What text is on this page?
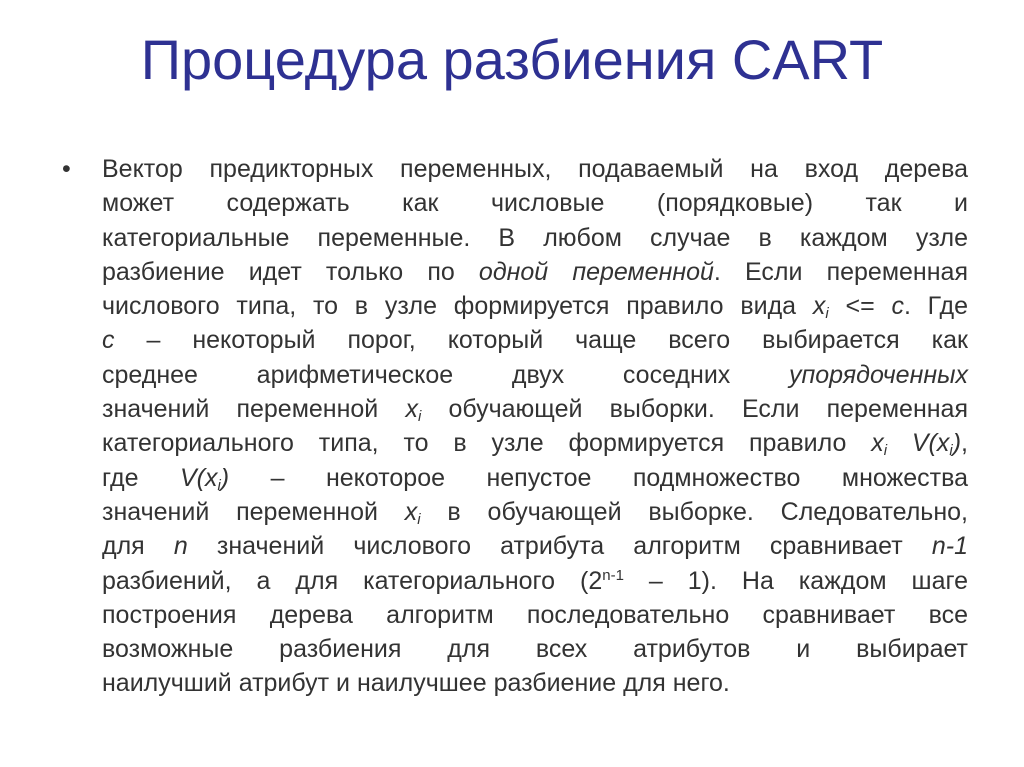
Процедура разбиения CART
• Вектор предикторных переменных, подаваемый на вход дерева
может содержать как числовые (порядковые) так и
категориальные переменные. В любом случае в каждом узле
разбиение идет только по одной переменной. Если переменная
числового типа, то в узле формируется правило вида $x_i <= c$. Где
c – некоторый порог, который чаще всего выбирается как
среднее арифметическое двух соседних упорядоченных
значений переменной $x_i$ обучающей выборки. Если переменная
категориального типа, то в узле формируется правило $x_i$ $V(x_i)$,
где $V(x_i)$ – некоторое непустое подмножество множества
значений переменной $x_i$ в обучающей выборке. Следовательно,
для n значений числового атрибута алгоритм сравнивает n-1
разбиений, а для категориального (2$^{n-1}$ – 1). На каждом шаге
построения дерева алгоритм последовательно сравнивает все
возможные разбиения для всех атрибутов и выбирает
наилучший атрибут и наилучшее разбиение для него.
